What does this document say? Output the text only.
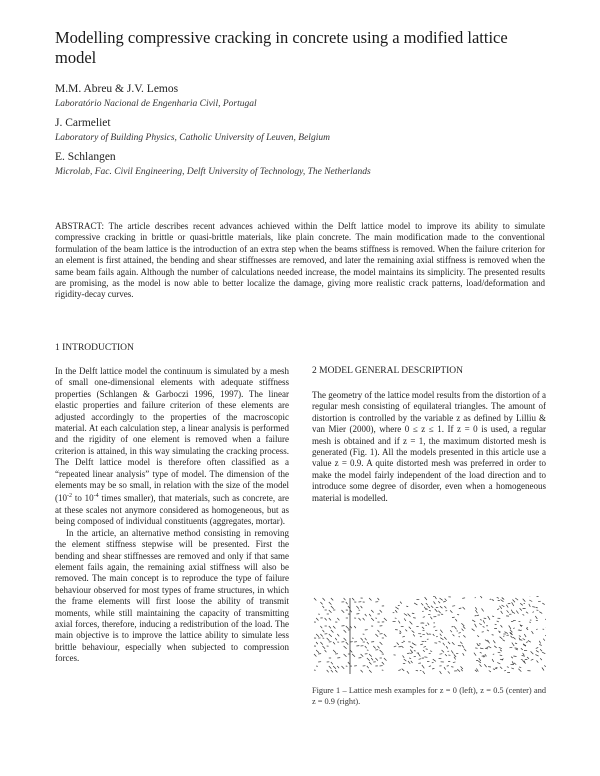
Modelling compressive cracking in concrete using a modified lattice model
M.M. Abreu & J.V. Lemos
Laboratório Nacional de Engenharia Civil, Portugal
J. Carmeliet
Laboratory of Building Physics, Catholic University of Leuven, Belgium
E. Schlangen
Microlab, Fac. Civil Engineering, Delft University of Technology, The Netherlands
ABSTRACT: The article describes recent advances achieved within the Delft lattice model to improve its ability to simulate compressive cracking in brittle or quasi-brittle materials, like plain concrete. The main modification made to the conventional formulation of the beam lattice is the introduction of an extra step when the beams stiffness is removed. When the failure criterion for an element is first attained, the bending and shear stiffnesses are removed, and later the remaining axial stiffness is removed when the same beam fails again. Although the number of calculations needed increase, the model maintains its simplicity. The presented results are promising, as the model is now able to better localize the damage, giving more realistic crack patterns, load/deformation and rigidity-decay curves.
1 INTRODUCTION

In the Delft lattice model the continuum is simulated by a mesh of small one-dimensional elements with adequate stiffness properties (Schlangen & Garboczi 1996, 1997). The linear elastic properties and failure criterion of these elements are adjusted accordingly to the properties of the macroscopic material. At each calculation step, a linear analysis is performed and the rigidity of one element is removed when a failure criterion is attained, in this way simulating the cracking process. The Delft lattice model is therefore often classified as a “repeated linear analysis” type of model. The dimension of the elements may be so small, in relation with the size of the model ($10^{-2}$ to $10^{-4}$ times smaller), that materials, such as concrete, are at these scales not anymore considered as homogeneous, but as being composed of individual constituents (aggregates, mortar).

In the article, an alternative method consisting in removing the element stiffness stepwise will be presented. First the bending and shear stiffnesses are removed and only if that same element fails again, the remaining axial stiffness will also be removed. The main concept is to reproduce the type of failure behaviour observed for most types of frame structures, in which the frame elements will first loose the ability of transmit moments, while still maintaining the capacity of transmitting axial forces, therefore, inducing a redistribution of the load. The main objective is to improve the lattice ability to simulate less brittle behaviour, especially when subjected to compression forces.

2 MODEL GENERAL DESCRIPTION

The geometry of the lattice model results from the distortion of a regular mesh consisting of equilateral triangles. The amount of distortion is controlled by the variable z as defined by Lilliu & van Mier (2000), where 0 ≤ z ≤ 1. If z = 0 is used, a regular mesh is obtained and if z = 1, the maximum distorted mesh is generated (Fig. 1). All the models presented in this article use a value z = 0.9. A quite distorted mesh was preferred in order to make the model fairly independent of the load direction and to introduce some degree of disorder, even when a homogeneous material is modelled.

Figure 1 – Lattice mesh examples for z = 0 (left), z = 0.5 (center) and z = 0.9 (right).
